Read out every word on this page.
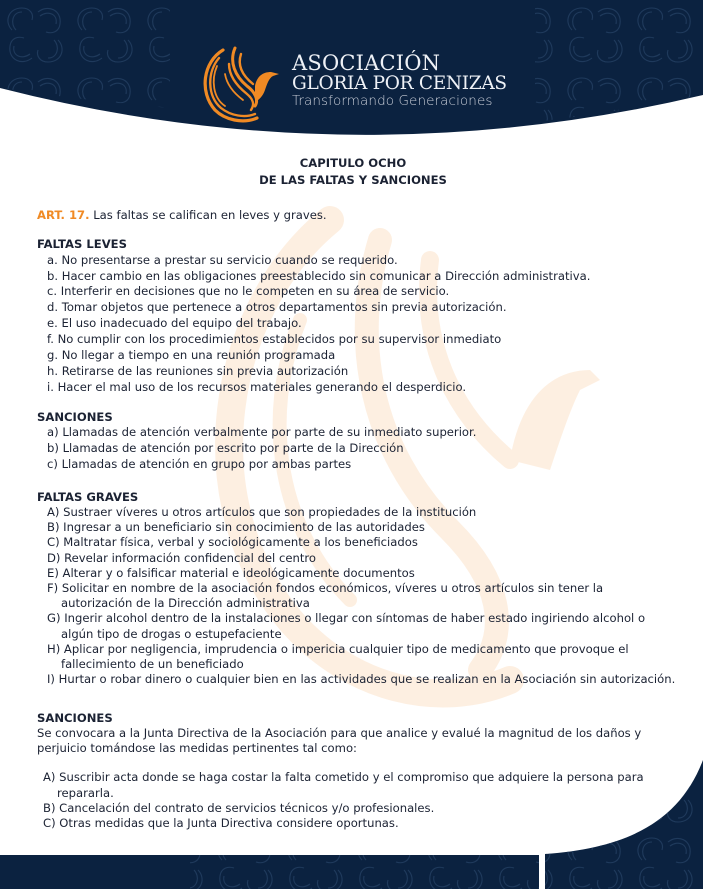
ASOCIACIÓN
GLORIA POR CENIZAS
Transformando Generaciones
CAPITULO OCHO
DE LAS FALTAS Y SANCIONES
ART. 17. Las faltas se califican en leves y graves.
FALTAS LEVES
a. No presentarse a prestar su servicio cuando se requerido.
b. Hacer cambio en las obligaciones preestablecido sin comunicar a Dirección administrativa.
c. Interferir en decisiones que no le competen en su área de servicio.
d. Tomar objetos que pertenece a otros departamentos sin previa autorización.
e. El uso inadecuado del equipo del trabajo.
f. No cumplir con los procedimientos establecidos por su supervisor inmediato
g. No llegar a tiempo en una reunión programada
h. Retirarse de las reuniones sin previa autorización
i. Hacer el mal uso de los recursos materiales generando el desperdicio.
SANCIONES
a) Llamadas de atención verbalmente por parte de su inmediato superior.
b) Llamadas de atención por escrito por parte de la Dirección
c) Llamadas de atención en grupo por ambas partes
FALTAS GRAVES
A) Sustraer víveres u otros artículos que son propiedades de la institución
B) Ingresar a un beneficiario sin conocimiento de las autoridades
C) Maltratar física, verbal y sociológicamente a los beneficiados
D) Revelar información confidencial del centro
E) Alterar y o falsificar material e ideológicamente documentos
F) Solicitar en nombre de la asociación fondos económicos, víveres u otros artículos sin tener la autorización de la Dirección administrativa
G) Ingerir alcohol dentro de la instalaciones o llegar con síntomas de haber estado ingiriendo alcohol o algún tipo de drogas o estupefaciente
H) Aplicar por negligencia, imprudencia o impericia cualquier tipo de medicamento que provoque el fallecimiento de un beneficiado
I) Hurtar o robar dinero o cualquier bien en las actividades que se realizan en la Asociación sin autorización.
SANCIONES

Se convocara a la Junta Directiva de la Asociación para que analice y evalué la magnitud de los daños y perjuicio tomándose las medidas pertinentes tal como:

A) Suscribir acta donde se haga costar la falta cometido y el compromiso que adquiere la persona para repararla.
B) Cancelación del contrato de servicios técnicos y/o profesionales.
C) Otras medidas que la Junta Directiva considere oportunas.
